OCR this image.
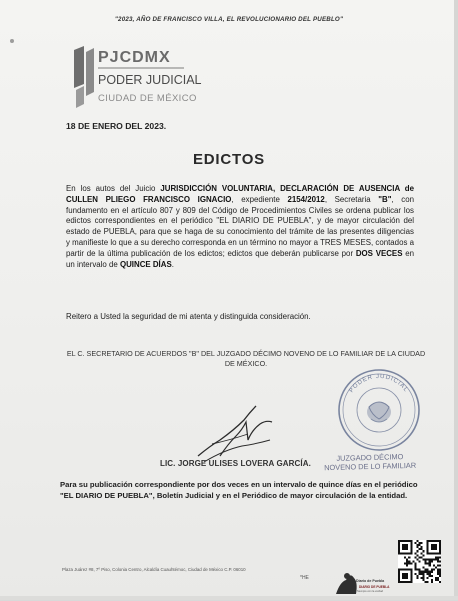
"2023, AÑO DE FRANCISCO VILLA, EL REVOLUCIONARIO DEL PUEBLO"
PJCDMX
PODER JUDICIAL
CIUDAD DE MÉXICO
18 DE ENERO DEL 2023.
EDICTOS
En los autos del Juicio JURISDICCIÓN VOLUNTARIA, DECLARACIÓN DE AUSENCIA de CULLEN PLIEGO FRANCISCO IGNACIO, expediente 2154/2012, Secretaria "B", con fundamento en el artículo 807 y 809 del Código de Procedimientos Civiles se ordena publicar los edictos correspondientes en el periódico "EL DIARIO DE PUEBLA", y de mayor circulación del estado de PUEBLA, para que se haga de su conocimiento del trámite de las presentes diligencias y manifieste lo que a su derecho corresponda en un término no mayor a TRES MESES, contados a partir de la última publicación de los edictos; edictos que deberán publicarse por DOS VECES en un intervalo de QUINCE DÍAS.
Reitero a Usted la seguridad de mi atenta y distinguida consideración.
EL C. SECRETARIO DE ACUERDOS "B" DEL JUZGADO DÉCIMO NOVENO DE LO FAMILIAR DE LA CIUDAD DE MÉXICO.
PODER JUDICIAL
LIC. JORGE ULISES LOVERA GARCÍA.
JUZGADO DÉCIMO NOVENO DE LO FAMILIAR
Para su publicación correspondiente por dos veces en un intervalo de quince días en el periódico "EL DIARIO DE PUEBLA", Boletín Judicial y en el Periódico de mayor circulación de la entidad.
Plaza Juárez #8, 7º Piso, Colonia Centro, Alcaldía Cuauhtémoc, Ciudad de México C.P. 06010
*HE	Diario de Puebla
DIARIO DE PUEBLA
Siempre con la verdad
